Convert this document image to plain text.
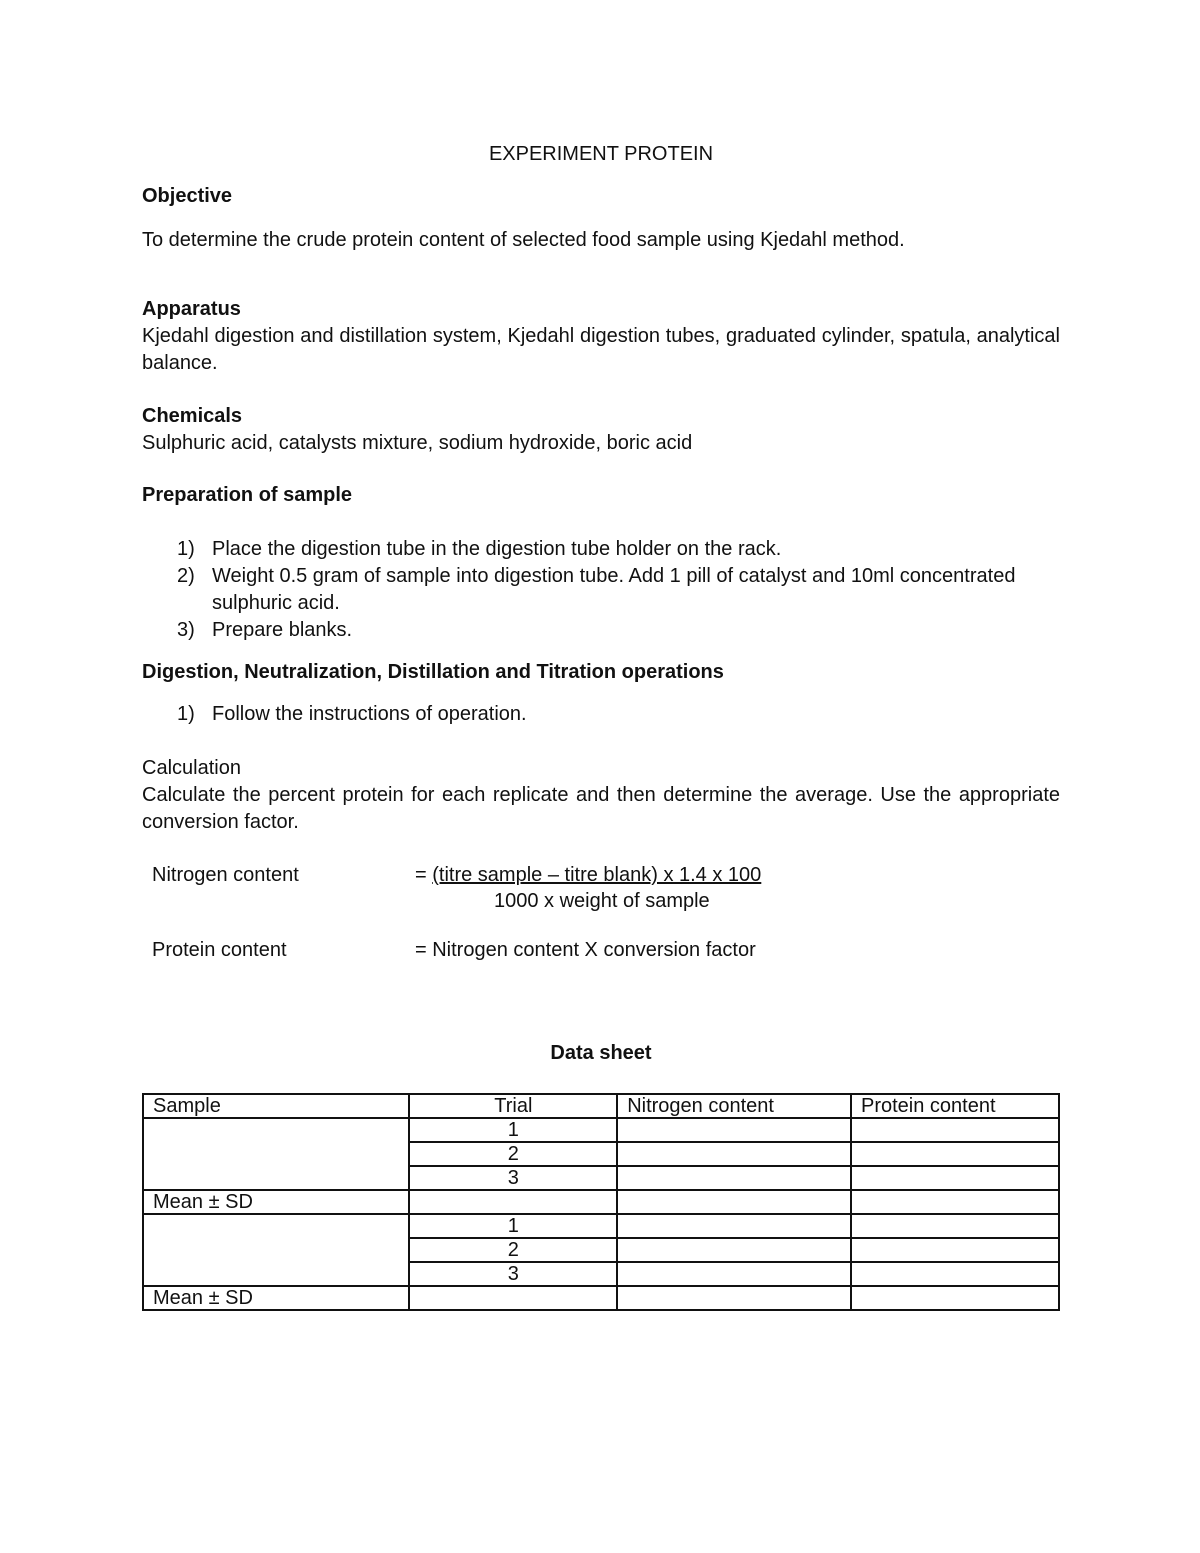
EXPERIMENT PROTEIN
Objective
To determine the crude protein content of selected food sample using Kjedahl method.
Apparatus
Kjedahl digestion and distillation system, Kjedahl digestion tubes, graduated cylinder, spatula, analytical balance.
Chemicals
Sulphuric acid, catalysts mixture, sodium hydroxide, boric acid
Preparation of sample
1) Place the digestion tube in the digestion tube holder on the rack.
2) Weight 0.5 gram of sample into digestion tube. Add 1 pill of catalyst and 10ml concentrated sulphuric acid.
3) Prepare blanks.
Digestion, Neutralization, Distillation and Titration operations
1) Follow the instructions of operation.
Calculation
Calculate the percent protein for each replicate and then determine the average. Use the appropriate conversion factor.
Nitrogen content	= (titre sample – titre blank) x 1.4 x 100
1000 x weight of sample
Protein content	= Nitrogen content X conversion factor
Data sheet
Sample	Trial	Nitrogen content	Protein content
	1		
	2		
	3		
Mean ± SD			
	1		
	2		
	3		
Mean ± SD			
